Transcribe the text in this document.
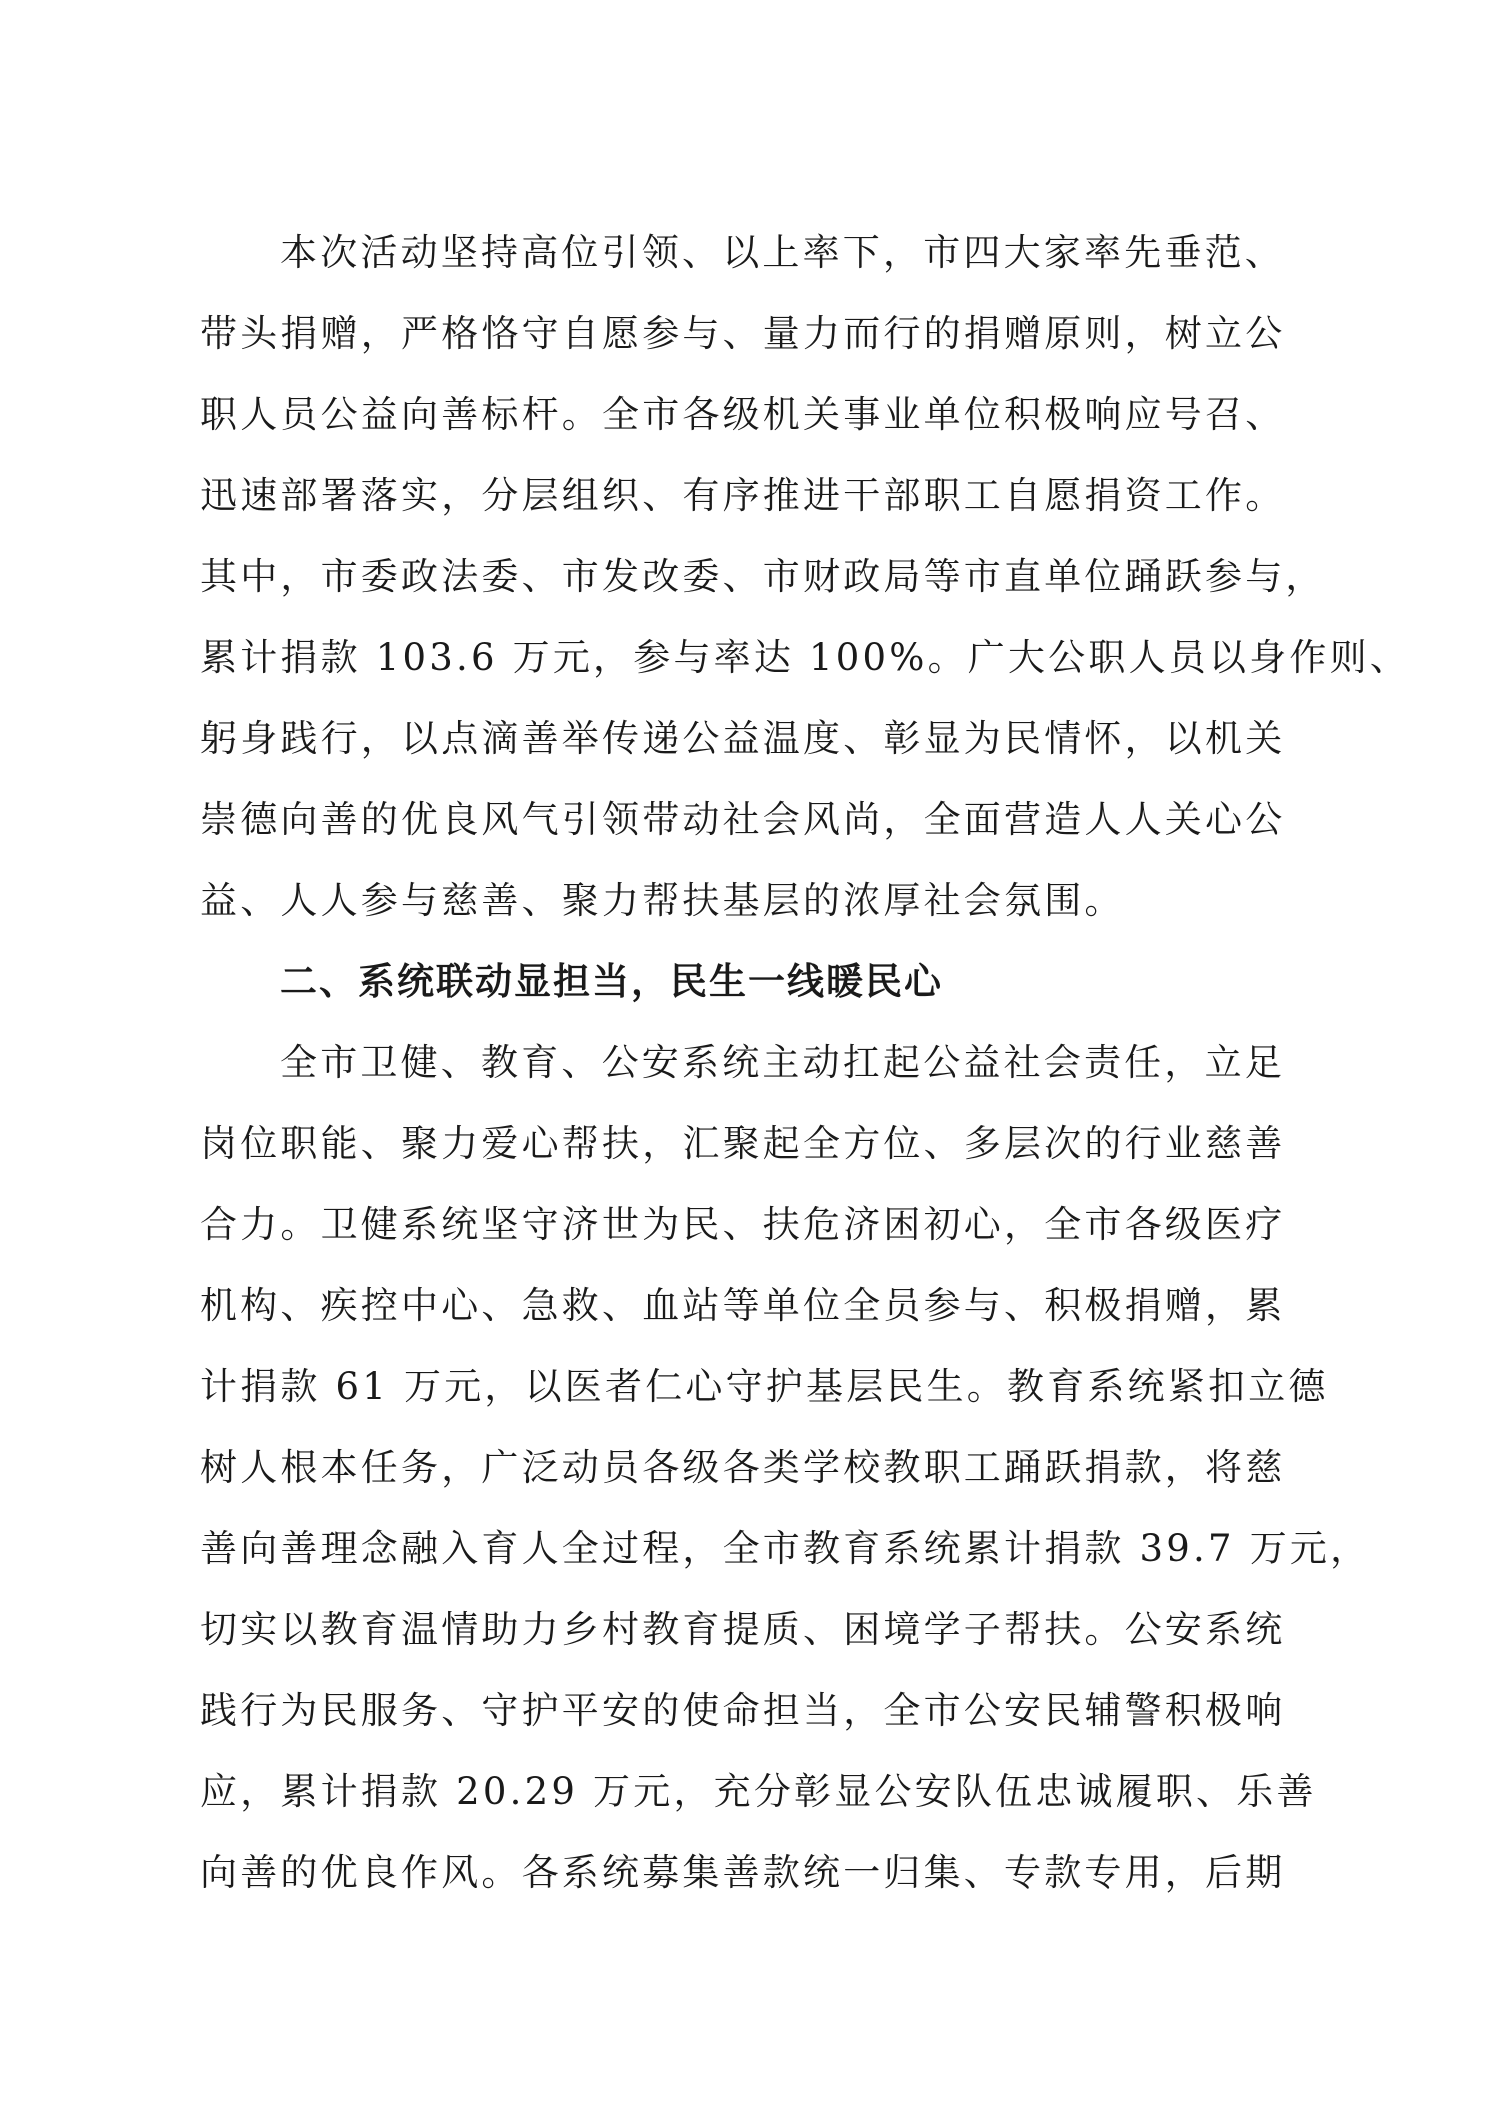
本次活动坚持高位引领、以上率下，市四大家率先垂范、
带头捐赠，严格恪守自愿参与、量力而行的捐赠原则，树立公
职人员公益向善标杆。全市各级机关事业单位积极响应号召、
迅速部署落实，分层组织、有序推进干部职工自愿捐资工作。
其中，市委政法委、市发改委、市财政局等市直单位踊跃参与，
累计捐款 103.6 万元，参与率达 100%。广大公职人员以身作则、
躬身践行，以点滴善举传递公益温度、彰显为民情怀，以机关
崇德向善的优良风气引领带动社会风尚，全面营造人人关心公
益、人人参与慈善、聚力帮扶基层的浓厚社会氛围。
二、系统联动显担当，民生一线暖民心
全市卫健、教育、公安系统主动扛起公益社会责任，立足
岗位职能、聚力爱心帮扶，汇聚起全方位、多层次的行业慈善
合力。卫健系统坚守济世为民、扶危济困初心，全市各级医疗
机构、疾控中心、急救、血站等单位全员参与、积极捐赠，累
计捐款 61 万元，以医者仁心守护基层民生。教育系统紧扣立德
树人根本任务，广泛动员各级各类学校教职工踊跃捐款，将慈
善向善理念融入育人全过程，全市教育系统累计捐款 39.7 万元，
切实以教育温情助力乡村教育提质、困境学子帮扶。公安系统
践行为民服务、守护平安的使命担当，全市公安民辅警积极响
应，累计捐款 20.29 万元，充分彰显公安队伍忠诚履职、乐善
向善的优良作风。各系统募集善款统一归集、专款专用，后期
